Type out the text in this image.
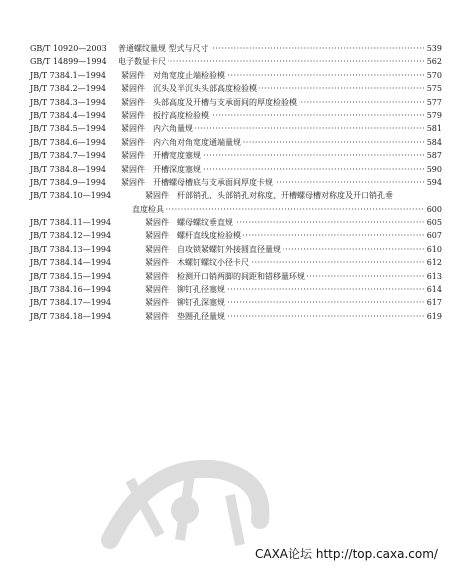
GB/T 10920—2003 普通螺纹量规 型式与尺寸 ·····	539
GB/T 14899—1994 电子数显卡尺 ·····	562
JB/T 7384.1—1994 紧固件 对角宽度止端检验模 ·····	570
JB/T 7384.2—1994 紧固件 沉头及半沉头头部高度检验模 ·····	575
JB/T 7384.3—1994 紧固件 头部高度及开槽与支承面间的厚度检验模 ·····	577
JB/T 7384.4—1994 紧固件 扳拧高度检验模 ·····	579
JB/T 7384.5—1994 紧固件 内六角量规 ·····	581
JB/T 7384.6—1994 紧固件 内六角对角宽度通端量规 ·····	584
JB/T 7384.7—1994 紧固件 开槽宽度塞规 ·····	587
JB/T 7384.8—1994 紧固件 开槽深度塞规 ·····	590
JB/T 7384.9—1994 紧固件 开槽螺母槽底与支承面间厚度卡规 ·····	594
JB/T 7384.10—1994	紧固件 杆部销孔、头部销孔对称度、开槽螺母槽对称度及开口销孔垂
直度检具 ·····	600
JB/T 7384.11—1994	紧固件 螺母螺纹垂直规 ·····	605
JB/T 7384.12—1994	紧固件 螺杆直线度检验模 ·····	607
JB/T 7384.13—1994	紧固件 自攻锁紧螺钉外接圆直径量规 ·····	610
JB/T 7384.14—1994	紧固件 木螺钉螺纹小径卡尺 ·····	612
JB/T 7384.15—1994	紧固件 检测开口销两脚的间距和错移量环规 ·····	613
JB/T 7384.16—1994	紧固件 铆钉孔径塞规 ·····	614
JB/T 7384.17—1994	紧固件 铆钉孔深塞规 ·····	617
JB/T 7384.18—1994	紧固件 垫圈孔径量规 ·····	619
CAXA论坛 http://top.caxa.com/
